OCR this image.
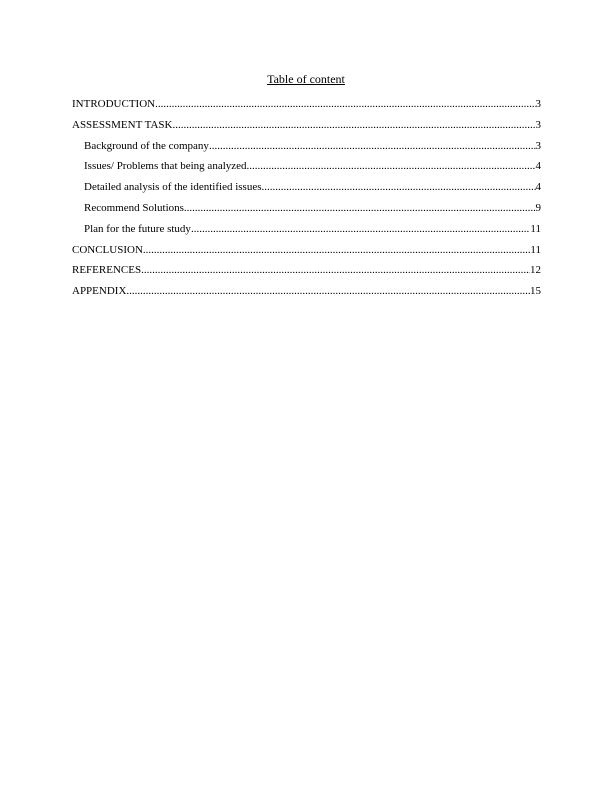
Table of content
INTRODUCTION .....	3
ASSESSMENT TASK .....	3
Background of the company .....	3
Issues/ Problems that being analyzed .....	4
Detailed analysis of the identified issues .....	4
Recommend Solutions .....	9
Plan for the future study .....	11
CONCLUSION .....	11
REFERENCES .....	12
APPENDIX .....	15
